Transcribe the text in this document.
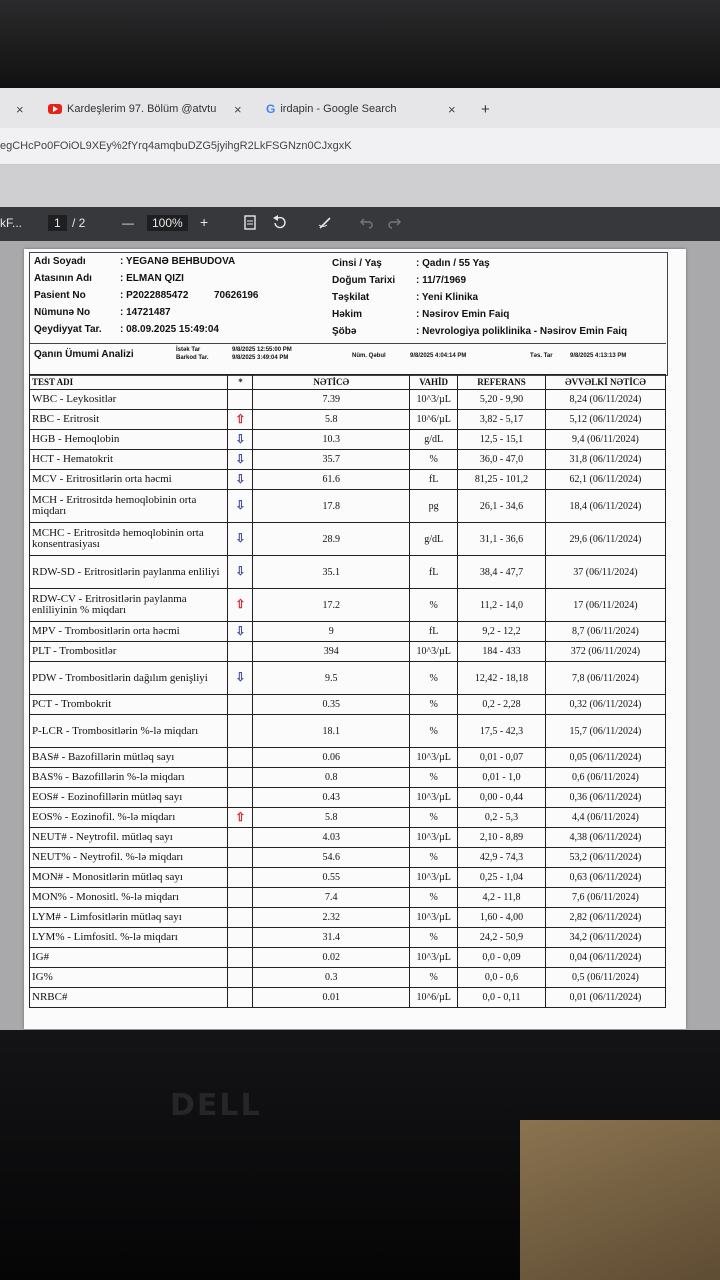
×	Kardeşlerim 97. Bölüm @atvtu × G irdapin - Google Search	× +
egCHcPo0FOiOL9XEy%2fYrq4amqbuDZG5jyihgR2LkFSGNzn0CJxgxK
kF...	1 / 2	—	100%	+
Adı Soyadı	: YEGANƏ BEHBUDOVA
Atasının Adı	: ELMAN QIZI
Pasient No	: P2022885472	70626196
Nümunə No	: 14721487
Qeydiyyat Tar. : 08.09.2025 15:49:04
Cinsi / Yaş	: Qadın / 55 Yaş
Doğum Tarixi : 11/7/1969
Təşkilat	: Yeni Klinika
Həkim	: Nəsirov Emin Faiq
Şöbə	: Nevrologiya poliklinika - Nəsirov Emin Faiq
Qanın Ümumi Analizi	İstək Tar
Barkod Tar.
9/8/2025 12:55:00 PM
9/8/2025 3:49:04 PM	Nüm. Qəbul	9/8/2025 4:04:14 PM	Təs. Tar	9/8/2025 4:13:13 PM
TEST ADI	*	NƏTİCƏ	VAHİD	REFERANS	ƏVVƏLKİ NƏTİCƏ
WBC - Leykositlər		7.39	10^3/µL	5,20 - 9,90	8,24 (06/11/2024)
RBC - Eritrosit	⇧	5.8	10^6/µL	3,82 - 5,17	5,12 (06/11/2024)
HGB - Hemoqlobin	⇩	10.3	g/dL	12,5 - 15,1	9,4 (06/11/2024)
HCT - Hematokrit	⇩	35.7	%	36,0 - 47,0	31,8 (06/11/2024)
MCV - Eritrositlərin orta həcmi	⇩	61.6	fL	81,25 - 101,2	62,1 (06/11/2024)
MCH - Eritrositdə hemoqlobinin orta miqdarı	⇩	17.8	pg	26,1 - 34,6	18,4 (06/11/2024)
MCHC - Eritrositdə hemoqlobinin orta konsentrasiyası	⇩	28.9	g/dL	31,1 - 36,6	29,6 (06/11/2024)
RDW-SD - Eritrositlərin paylanma enliliyi	⇩	35.1	fL	38,4 - 47,7	37 (06/11/2024)
RDW-CV - Eritrositlərin paylanma enliliyinin % miqdarı	⇧	17.2	%	11,2 - 14,0	17 (06/11/2024)
MPV - Trombositlərin orta həcmi	⇩	9	fL	9,2 - 12,2	8,7 (06/11/2024)
PLT - Trombositlər		394	10^3/µL	184 - 433	372 (06/11/2024)
PDW - Trombositlərin dağılım genişliyi	⇩	9.5	%	12,42 - 18,18	7,8 (06/11/2024)
PCT - Trombokrit		0.35	%	0,2 - 2,28	0,32 (06/11/2024)
P-LCR - Trombositlərin %-lə miqdarı		18.1	%	17,5 - 42,3	15,7 (06/11/2024)
BAS# - Bazofillərin mütləq sayı		0.06	10^3/µL	0,01 - 0,07	0,05 (06/11/2024)
BAS% - Bazofillərin %-lə miqdarı		0.8	%	0,01 - 1,0	0,6 (06/11/2024)
EOS# - Eozinofillərin mütləq sayı		0.43	10^3/µL	0,00 - 0,44	0,36 (06/11/2024)
EOS% - Eozinofil. %-lə miqdarı	⇧	5.8	%	0,2 - 5,3	4,4 (06/11/2024)
NEUT# - Neytrofil. mütləq sayı		4.03	10^3/µL	2,10 - 8,89	4,38 (06/11/2024)
NEUT% - Neytrofil. %-lə miqdarı		54.6	%	42,9 - 74,3	53,2 (06/11/2024)
MON# - Monositlərin mütləq sayı		0.55	10^3/µL	0,25 - 1,04	0,63 (06/11/2024)
MON% - Monositl. %-lə miqdarı		7.4	%	4,2 - 11,8	7,6 (06/11/2024)
LYM# - Limfositlərin mütləq sayı		2.32	10^3/µL	1,60 - 4,00	2,82 (06/11/2024)
LYM% - Limfositl. %-lə miqdarı		31.4	%	24,2 - 50,9	34,2 (06/11/2024)
IG#		0.02	10^3/µL	0,0 - 0,09	0,04 (06/11/2024)
IG%		0.3	%	0,0 - 0,6	0,5 (06/11/2024)
NRBC#		0.01	10^6/µL	0,0 - 0,11	0,01 (06/11/2024)
DELL
